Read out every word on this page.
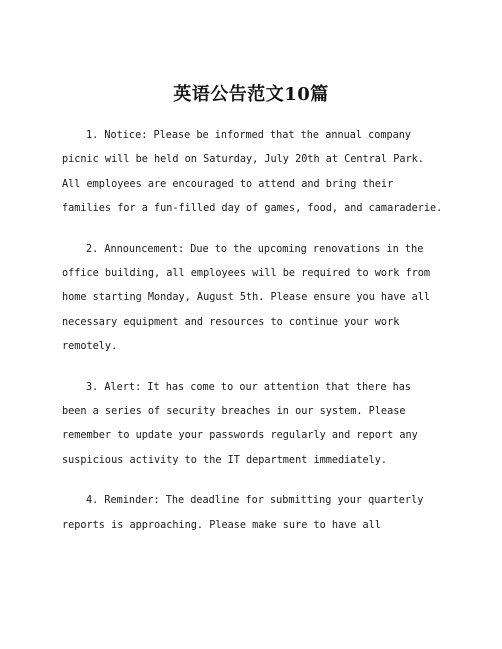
英语公告范文10篇

1. Notice: Please be informed that the annual company
picnic will be held on Saturday, July 20th at Central Park.
All employees are encouraged to attend and bring their
families for a fun-filled day of games, food, and camaraderie.

2. Announcement: Due to the upcoming renovations in the
office building, all employees will be required to work from
home starting Monday, August 5th. Please ensure you have all
necessary equipment and resources to continue your work
remotely.

3. Alert: It has come to our attention that there has
been a series of security breaches in our system. Please
remember to update your passwords regularly and report any
suspicious activity to the IT department immediately.

4. Reminder: The deadline for submitting your quarterly
reports is approaching. Please make sure to have all
